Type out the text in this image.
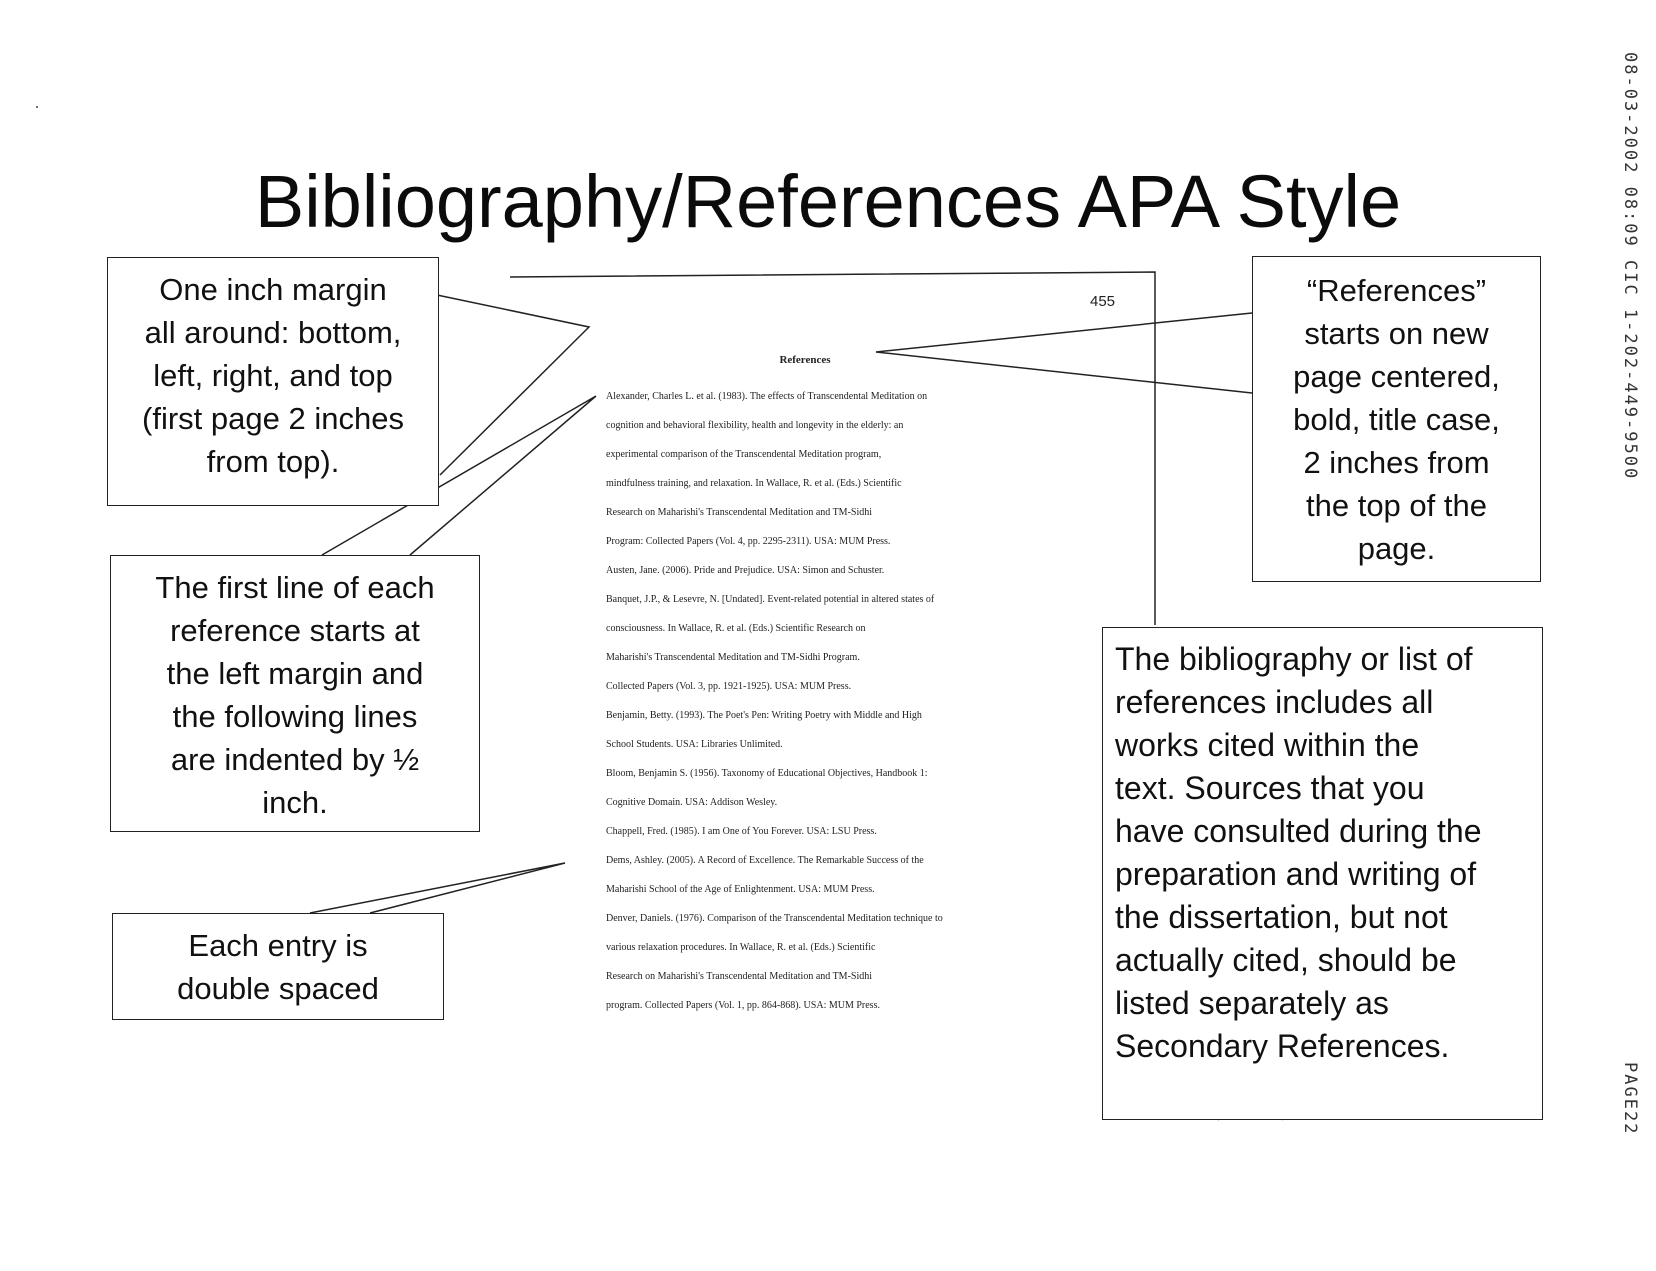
Bibliography/References APA Style
455
References
Alexander, Charles L. et al. (1983). The effects of Transcendental Meditation on
cognition and behavioral flexibility, health and longevity in the elderly: an
experimental comparison of the Transcendental Meditation program,
mindfulness training, and relaxation. In Wallace, R. et al. (Eds.) Scientific
Research on Maharishi's Transcendental Meditation and TM-Sidhi
Program: Collected Papers (Vol. 4, pp. 2295-2311). USA: MUM Press.
Austen, Jane. (2006). Pride and Prejudice. USA: Simon and Schuster.
Banquet, J.P., & Lesevre, N. [Undated]. Event-related potential in altered states of
consciousness. In Wallace, R. et al. (Eds.) Scientific Research on
Maharishi's Transcendental Meditation and TM-Sidhi Program.
Collected Papers (Vol. 3, pp. 1921-1925). USA: MUM Press.
Benjamin, Betty. (1993). The Poet's Pen: Writing Poetry with Middle and High
School Students. USA: Libraries Unlimited.
Bloom, Benjamin S. (1956). Taxonomy of Educational Objectives, Handbook 1:
Cognitive Domain. USA: Addison Wesley.
Chappell, Fred. (1985). I am One of You Forever. USA: LSU Press.
Dems, Ashley. (2005). A Record of Excellence. The Remarkable Success of the
Maharishi School of the Age of Enlightenment. USA: MUM Press.
Denver, Daniels. (1976). Comparison of the Transcendental Meditation technique to
various relaxation procedures. In Wallace, R. et al. (Eds.) Scientific
Research on Maharishi's Transcendental Meditation and TM-Sidhi
program. Collected Papers (Vol. 1, pp. 864-868). USA: MUM Press.
One inch margin
all around: bottom,
left, right, and top
(first page 2 inches
from top).
The first line of each
reference starts at
the left margin and
the following lines
are indented by ½
inch.
Each entry is
double spaced
“References”
starts on new
page centered,
bold, title case,
2 inches from
the top of the
page.
The bibliography or list of
references includes all
works cited within the
text. Sources that you
have consulted during the
preparation and writing of
the dissertation, but not
actually cited, should be
listed separately as
Secondary References.
08-03-2002 08:09 CIC 1-202-449-9500
PAGE22
